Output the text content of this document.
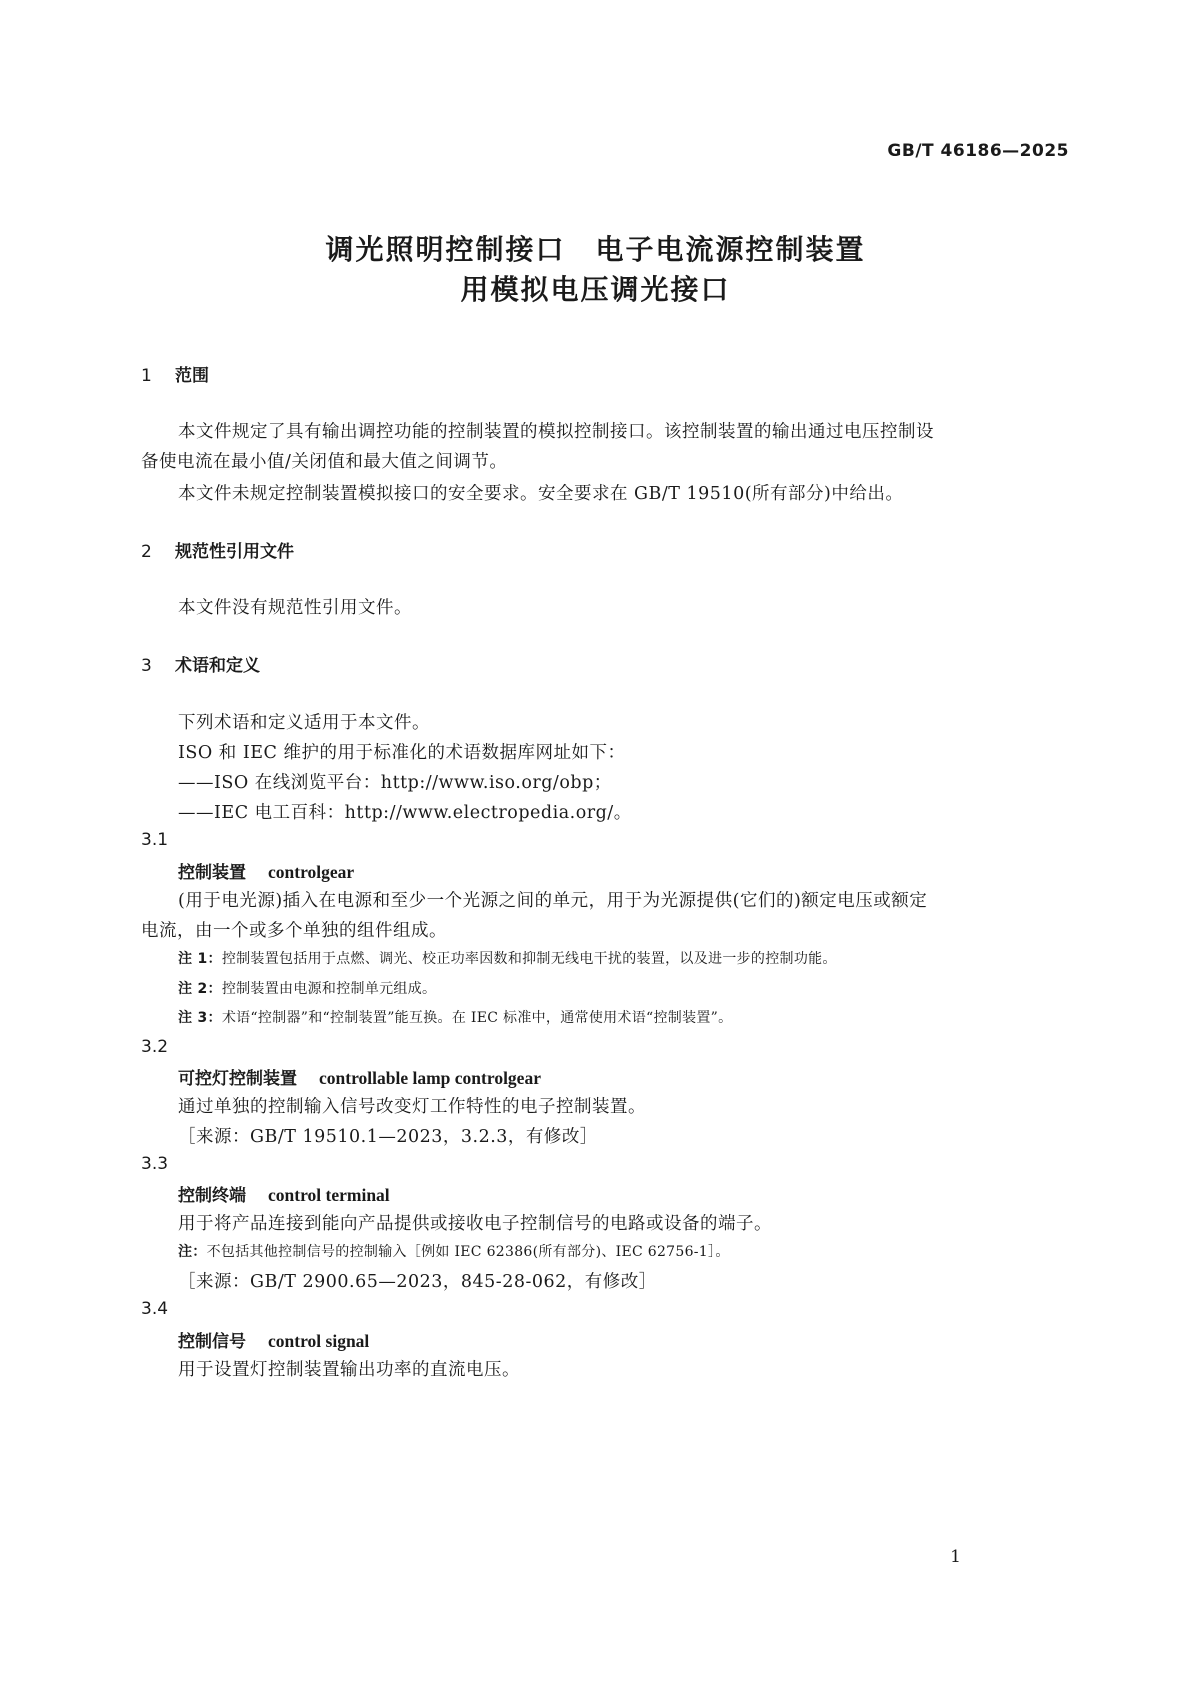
GB/T 46186—2025
调光照明控制接口　电子电流源控制装置
用模拟电压调光接口
1 范围
本文件规定了具有输出调控功能的控制装置的模拟控制接口。该控制装置的输出通过电压控制设
备使电流在最小值/关闭值和最大值之间调节。
本文件未规定控制装置模拟接口的安全要求。安全要求在 GB/T 19510(所有部分)中给出。
2 规范性引用文件
本文件没有规范性引用文件。
3 术语和定义
下列术语和定义适用于本文件。
ISO 和 IEC 维护的用于标准化的术语数据库网址如下：
——ISO 在线浏览平台：http://www.iso.org/obp；
——IEC 电工百科：http://www.electropedia.org/。
3.1
控制装置 controlgear
(用于电光源)插入在电源和至少一个光源之间的单元，用于为光源提供(它们的)额定电压或额定
电流，由一个或多个单独的组件组成。
注 1：控制装置包括用于点燃、调光、校正功率因数和抑制无线电干扰的装置，以及进一步的控制功能。
注 2：控制装置由电源和控制单元组成。
注 3：术语“控制器”和“控制装置”能互换。在 IEC 标准中，通常使用术语“控制装置”。
3.2
可控灯控制装置 controllable lamp controlgear
通过单独的控制输入信号改变灯工作特性的电子控制装置。
［来源：GB/T 19510.1—2023，3.2.3，有修改］
3.3
控制终端 control terminal
用于将产品连接到能向产品提供或接收电子控制信号的电路或设备的端子。
注：不包括其他控制信号的控制输入［例如 IEC 62386(所有部分)、IEC 62756-1］。
［来源：GB/T 2900.65—2023，845-28-062，有修改］
3.4
控制信号 control signal
用于设置灯控制装置输出功率的直流电压。
1
